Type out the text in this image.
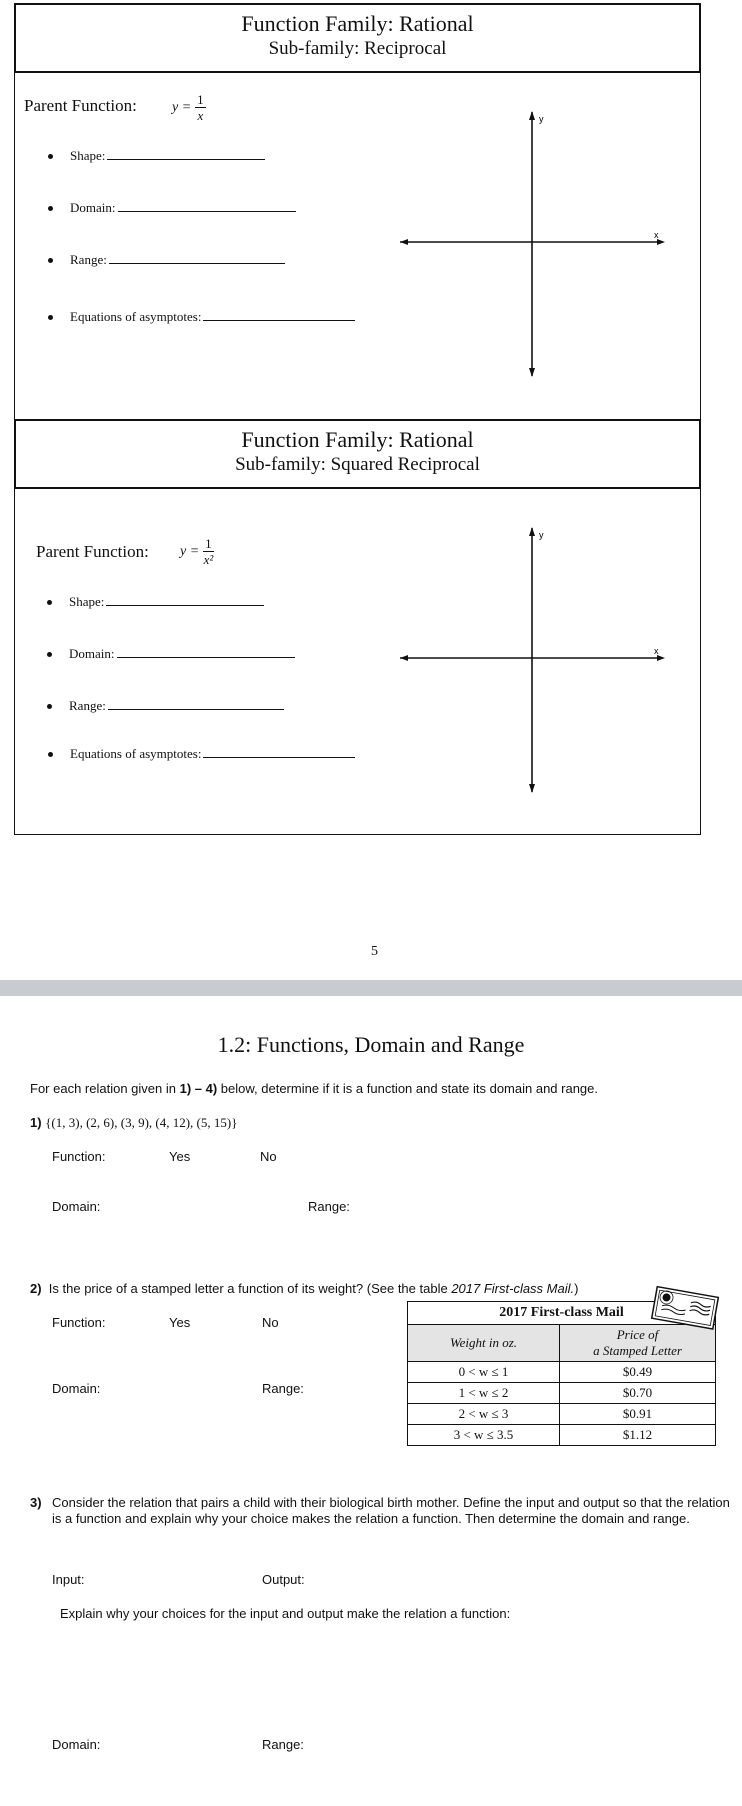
Function Family: Rational
Sub-family: Reciprocal
Parent Function:	$y = \frac{1}{x}$
Shape:
Domain:
Range:
Equations of asymptotes:
y
x
Function Family: Rational
Sub-family: Squared Reciprocal
Parent Function: $y = \frac{1}{\text{x²}}$
Shape:
Domain:
Range:
Equations of asymptotes:
y
x
5
1.2: Functions, Domain and Range
For each relation given in 1) – 4) below, determine if it is a function and state its domain and range.
1) {(1, 3), (2, 6), (3, 9), (4, 12), (5, 15)}
Function:	Yes	No
Domain:	Range:
2) Is the price of a stamped letter a function of its weight? (See the table 2017 First-class Mail.)
Function:	Yes	No
Domain:	Range:
2017 First-class Mail	
Weight in oz.	Price of
a Stamped Letter
0 < w ≤ 1	$0.49
1 < w ≤ 2	$0.70
2 < w ≤ 3	$0.91
3 < w ≤ 3.5	$1.12
3) Consider the relation that pairs a child with their biological birth mother. Define the input and output so that the relation is a function and explain why your choice makes the relation a function. Then determine the domain and range.
Input:	Output:
Explain why your choices for the input and output make the relation a function:
Domain:	Range:
